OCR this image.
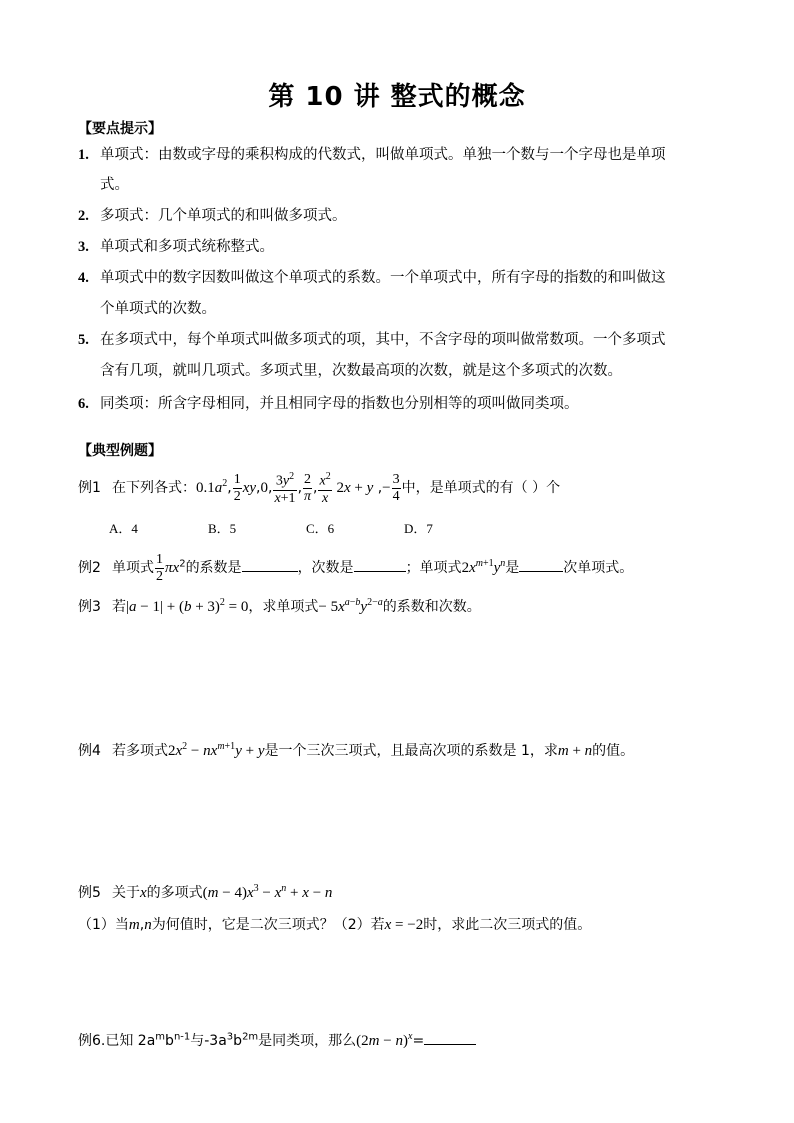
第 10 讲 整式的概念
【要点提示】
1. 单项式：由数或字母的乘积构成的代数式，叫做单项式。单独一个数与一个字母也是单项
式。
2. 多项式：几个单项式的和叫做多项式。
3. 单项式和多项式统称整式。
4. 单项式中的数字因数叫做这个单项式的系数。一个单项式中，所有字母的指数的和叫做这
个单项式的次数。
5. 在多项式中，每个单项式叫做多项式的项，其中，不含字母的项叫做常数项。一个多项式
含有几项，就叫几项式。多项式里，次数最高项的次数，就是这个多项式的次数。
6. 同类项：所含字母相同，并且相同字母的指数也分别相等的项叫做同类项。
【典型例题】
例1 在下列各式：$0.1a^2$, $\frac{1}{2} xy,0$, $\frac{3y^2}{x+1}$ , $\frac{2}{\pi}$ , $\frac{x^2}{x} 2x + y$ ,− $\frac{3}{4}$ 中，是单项式的有（ ）个
A．4	B．5	C．6	D．7
例2 单项式 $\frac{1}{2} \pi x^2$的系数是	，次数是	；单项式$2x^{m+1}y^n$是	次单项式。
例3 若$|a - 1| + (b + 3)^2 = 0$，求单项式− $5x^{a-b}y^{2-a}$的系数和次数。
例4 若多项式$2x^2 - nx^{m+1}y + y$是一个三次三项式，且最高次项的系数是 1，求m + n的值。
例5 关于x的多项式$(m - 4)x^3 - x^n + x - n$
（1）当m,n为何值时，它是二次三项式？（2）若x = −2时，求此二次三项式的值。
例6.已知 $2a^mb^{n-1}$与$-3a^3b^{2m}$是同类项，那么$(2m - n)^x=$
